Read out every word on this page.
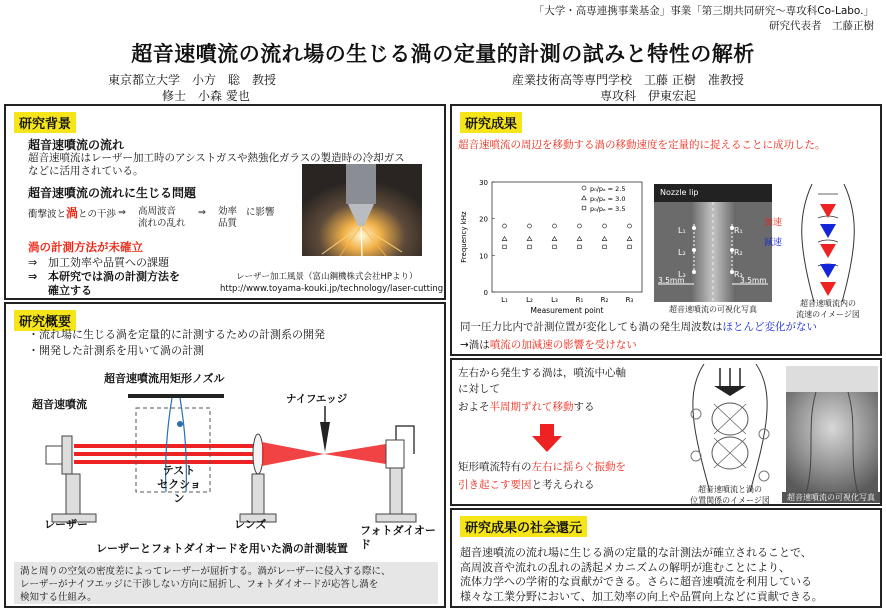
「大学・高専連携事業基金」事業「第三期共同研究～専攻科Co-Labo.」
研究代表者　工藤正樹
超音速噴流の流れ場の生じる渦の定量的計測の試みと特性の解析
東京都立大学　小方　聡　教授
修士　小森 愛也
産業技術高等専門学校　工藤 正樹　准教授
専攻科　伊東宏起
研究背景
超音速噴流の流れ
超音速噴流はレーザー加工時のアシストガスや熱強化ガラスの製造時の冷却ガス
などに活用されている。
超音速噴流の流れに生じる問題
衝撃波と渦との干渉 ⇒ 高周波音
流れの乱れ
⇒ 効率
品質
に影響
渦の計測方法が未確立
⇒ 加工効率や品質への課題
⇒ 本研究では渦の計測方法を
確立する
レーザー加工風景（富山鋼機株式会社HPより）
http://www.toyama-kouki.jp/technology/laser-cutting
研究概要
・流れ場に生じる渦を定量的に計測するための計測系の開発
・開発した計測系を用いて渦の計測
超音速噴流用矩形ノズル
超音速噴流	ナイフエッジ
テスト
セクション
レーザー	レンズ	フォトダイオード
レーザーとフォトダイオードを用いた渦の計測装置
渦と周りの空気の密度差によってレーザーが屈折する。渦がレーザーに侵入する際に、
レーザーがナイフエッジに干渉しない方向に屈折し、フォトダイオードが応答し渦を
検知する仕組み。
研究成果
超音速噴流の周辺を移動する渦の移動速度を定量的に捉えることに成功した。
0
10
20
30
L₁	L₂	L₃	R₁ R₂ R₃
Frequency kHz
Measurement point
p₀/pₐ = 2.5
p₀/pₐ = 3.0
p₀/pₐ = 3.5
Nozzle lip
L₁
L₂
L₃
R₁
R₂
R₃
3.5mm	3.5mm
超音速噴流の可視化写真
加速
減速
超音速噴流内の
流速のイメージ図
同一圧力比内で計測位置が変化しても渦の発生周波数はほとんど変化がない
→渦は噴流の加減速の影響を受けない
左右から発生する渦は，噴流中心軸
に対して
およそ半周期ずれて移動する
矩形噴流特有の左右に揺らぐ振動を
引き起こす要因と考えられる	超音速噴流と渦の
位置関係のイメージ図	超音速噴流の可視化写真
研究成果の社会還元
超音速噴流の流れ場に生じる渦の定量的な計測法が確立されることで、
高周波音や流れの乱れの誘起メカニズムの解明が進むことにより、
流体力学への学術的な貢献ができる。さらに超音速噴流を利用している
様々な工業分野において、加工効率の向上や品質向上などに貢献できる。
